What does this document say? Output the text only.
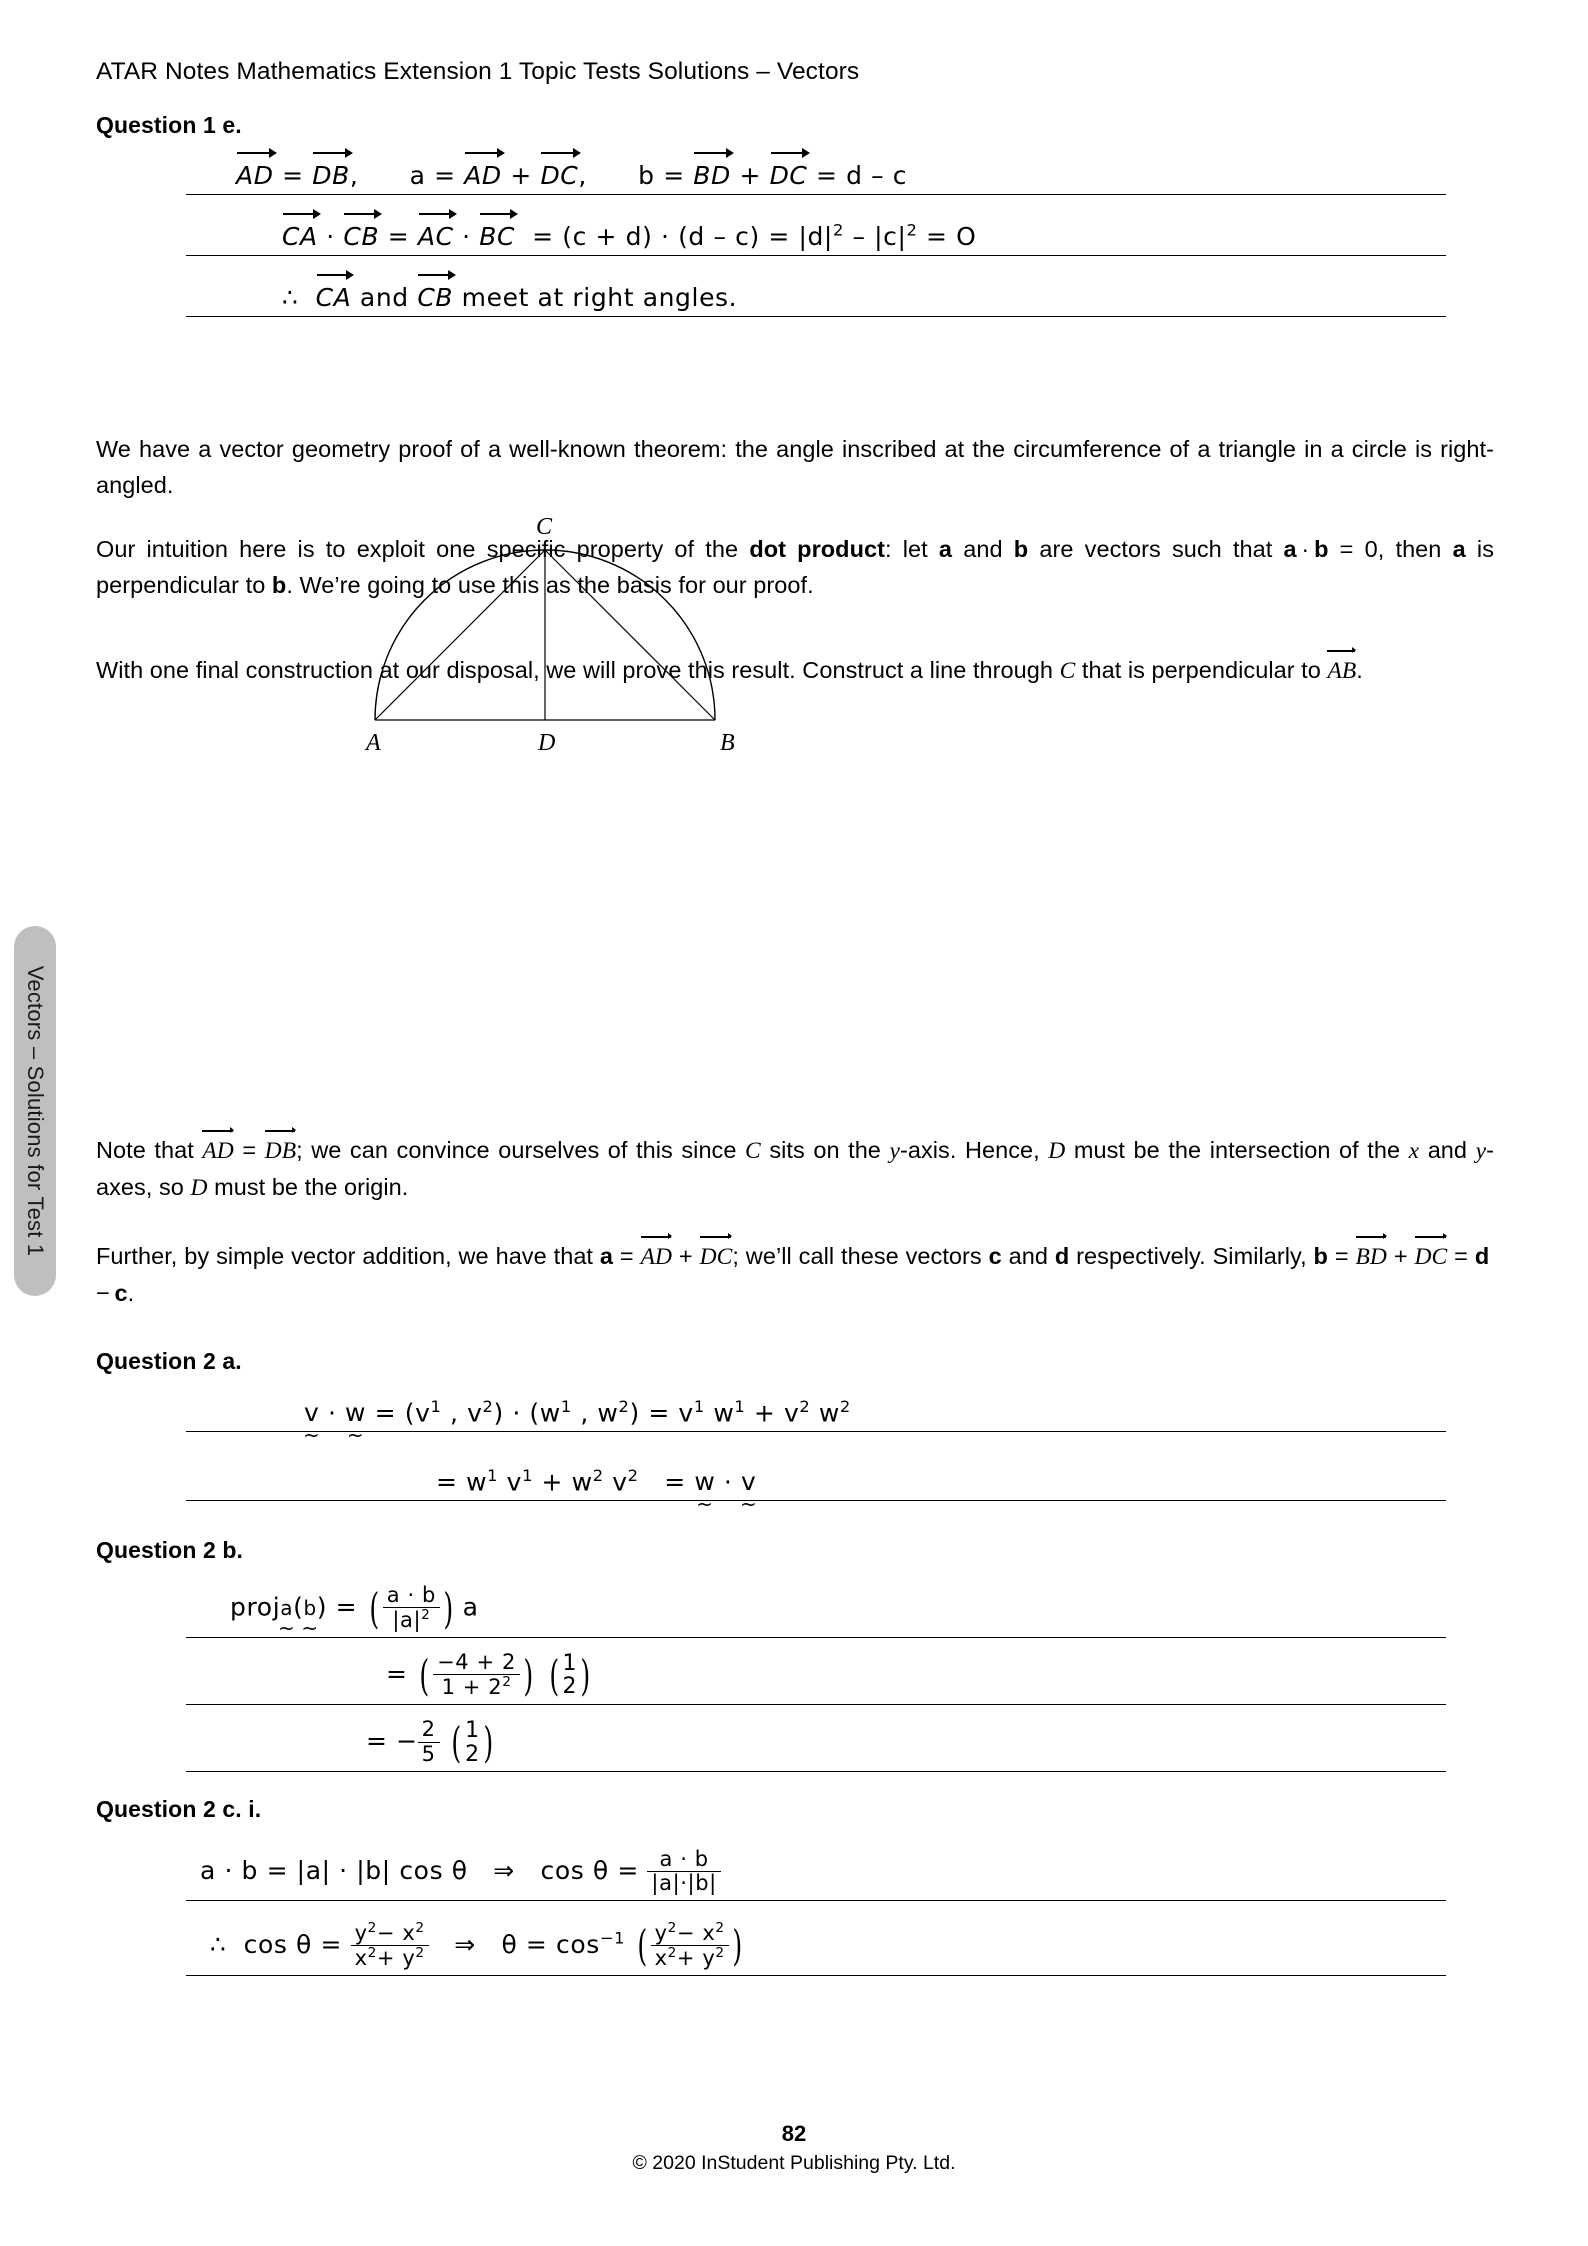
ATAR Notes Mathematics Extension 1 Topic Tests Solutions – Vectors
Vectors – Solutions for Test 1
Question 1 e.
AD = DB,      a = AD + DC,      b = BD + DC = d – c
CA · CB = AC · BC  = $(c + d) \cdot (d - c) = |d|^2 - |c|^2 = O$
∴  CA and CB meet at right angles.
We have a vector geometry proof of a well-known theorem: the angle inscribed at the circumference of a triangle in a circle is right-angled.
Our intuition here is to exploit one specific property of the dot product: let a and b are vectors such that a · b = 0, then a is perpendicular to b. We’re going to use this as the basis for our proof.
With one final construction at our disposal, we will prove this result. Construct a line through C that is perpendicular to AB.
C
A	D	B
Note that AD = DB; we can convince ourselves of this since C sits on the y-axis. Hence, D must be the intersection of the x and y-axes, so D must be the origin.
Further, by simple vector addition, we have that a = AD + DC; we’ll call these vectors c and d respectively. Similarly, b = BD + DC = d − c.
Question 2 a.
v ~ · w ~ = ($v^1$ , $v^2) \cdot (w^1$ , $w^2) = v^1$ $w^1 + v^2$ $w^2$
= $w^1$ $v^1 + w^2$ $v^2 = w$ ~ · v ~
Question 2 b.
proja ~(b ~) = ( $\frac{a \cdot b}{|a|^2}$ ) a
= ( $\frac{-4 + 2}{1 + 2^2}$ ) ( 1
2)
= − $\frac{2}{5}$ ( 1
2)
Question 2 c. i.
a · b = |a| · |b| cos θ   ⇒   $\cos \theta = \frac{a \cdot b}{|a|\cdot|b|}$
∴  $\cos \theta = \frac{y^2- x^2}{x^2+ y^2}$ ⇒   $\theta = \cos^{-1}$ ( $\frac{y^2- x^2}{x^2+ y^2}$ )
82
© 2020 InStudent Publishing Pty. Ltd.
